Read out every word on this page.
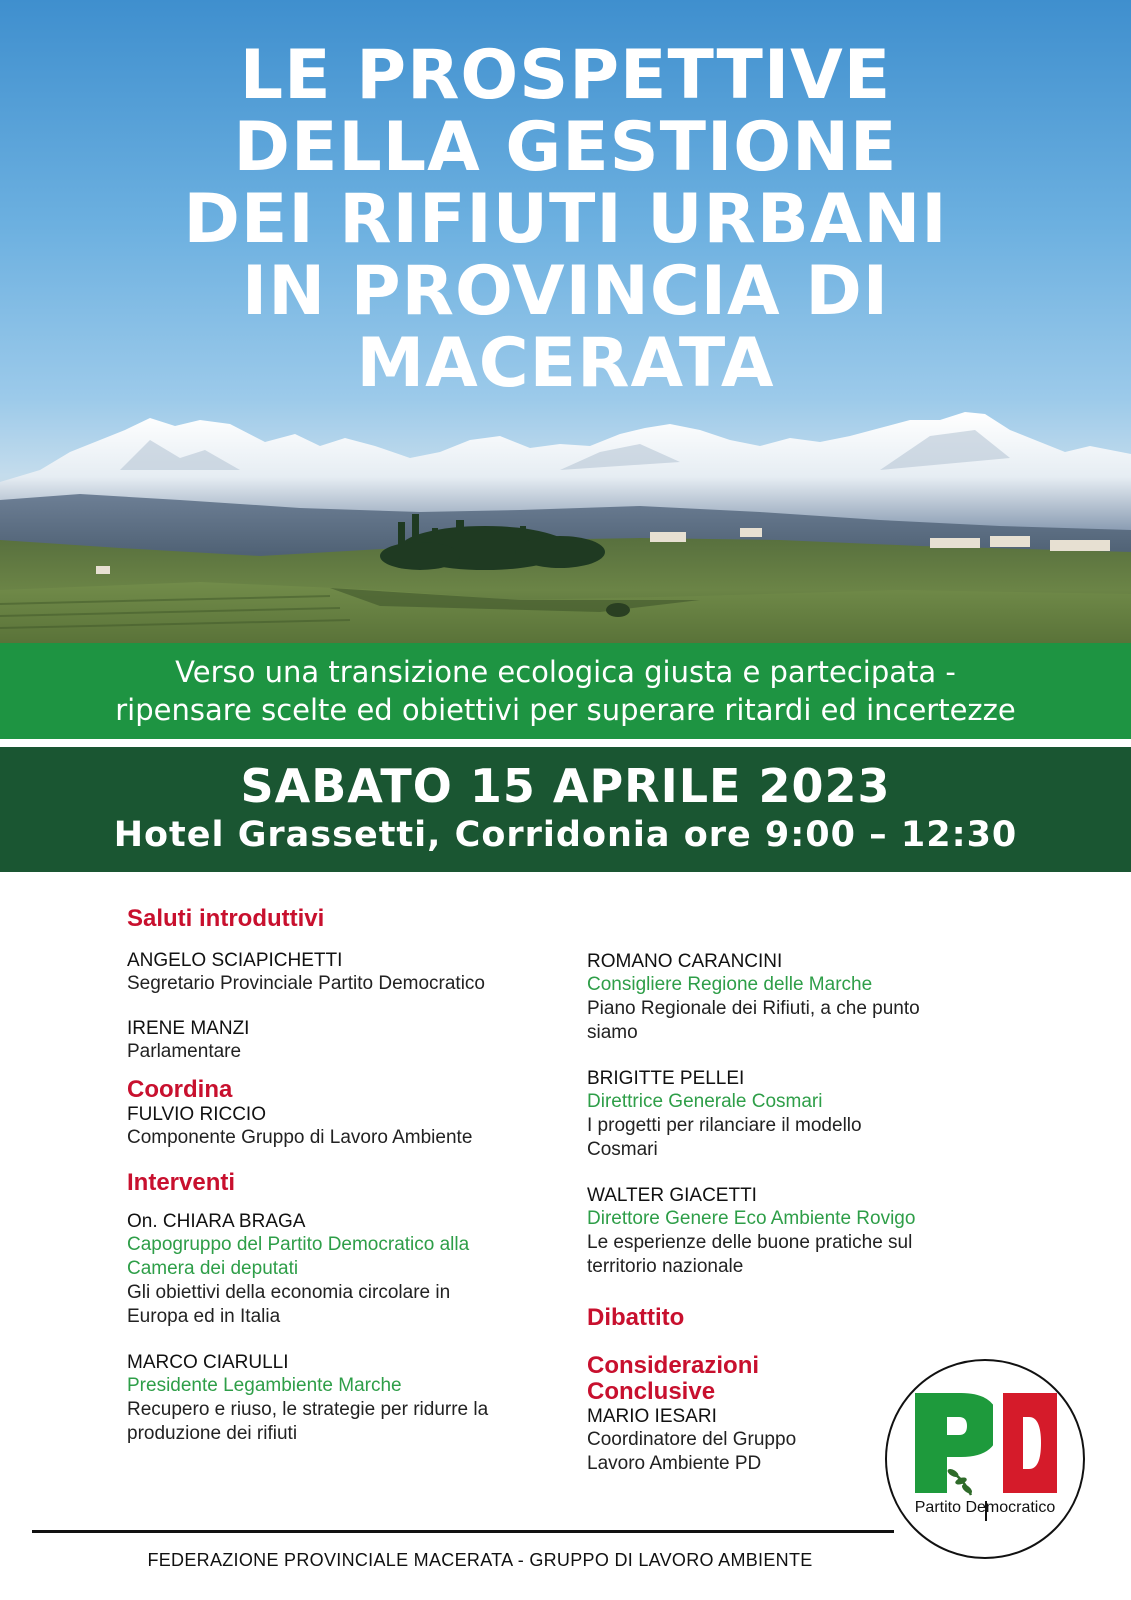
LE PROSPETTIVE
DELLA GESTIONE
DEI RIFIUTI URBANI
IN PROVINCIA DI
MACERATA
Verso una transizione ecologica giusta e partecipata -
ripensare scelte ed obiettivi per superare ritardi ed incertezze
SABATO 15 APRILE 2023
Hotel Grassetti, Corridonia ore 9:00 – 12:30
Saluti introduttivi
ANGELO SCIAPICHETTI
Segretario Provinciale Partito Democratico
IRENE MANZI
Parlamentare
Coordina
FULVIO RICCIO
Componente Gruppo di Lavoro Ambiente
Interventi
On. CHIARA BRAGA
Capogruppo del Partito Democratico alla
Camera dei deputati
Gli obiettivi della economia circolare in
Europa ed in Italia
MARCO CIARULLI
Presidente Legambiente Marche
Recupero e riuso, le strategie per ridurre la
produzione dei rifiuti
ROMANO CARANCINI
Consigliere Regione delle Marche
Piano Regionale dei Rifiuti, a che punto
siamo
BRIGITTE PELLEI
Direttrice Generale Cosmari
I progetti per rilanciare il modello
Cosmari
WALTER GIACETTI
Direttore Genere Eco Ambiente Rovigo
Le esperienze delle buone pratiche sul
territorio nazionale
Dibattito
Considerazioni
Conclusive
MARIO IESARI
Coordinatore del Gruppo
Lavoro Ambiente PD
Partito Democratico
FEDERAZIONE PROVINCIALE MACERATA - GRUPPO DI LAVORO AMBIENTE
